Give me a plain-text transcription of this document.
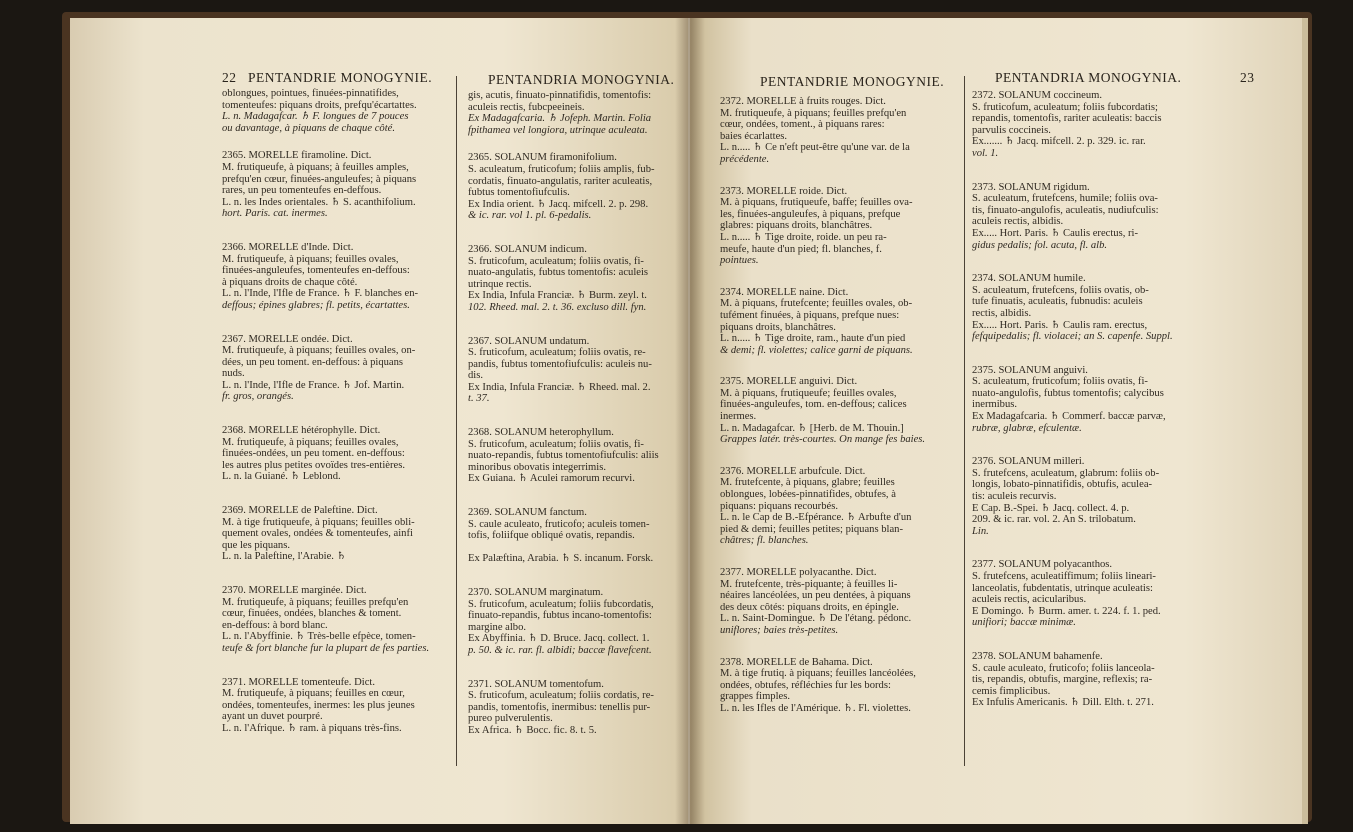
22 PENTANDRIE MONOGYNIE.	PENTANDRIA MONOGYNIA.	PENTANDRIE MONOGYNIE.	PENTANDRIA MONOGYNIA.	23

oblongues, pointues, finuées-pinnatifides,

tomenteufes: piquans droits, prefqu'écartattes.

L. n. Madagafcar. ♄ F. longues de 7 pouces

ou davantage, à piquans de chaque côté.

2365. MORELLE firamoline. Dict.

M. frutiqueufe, à piquans; à feuilles amples,

prefqu'en cœur, finuées-anguleufes; à piquans

rares, un peu tomenteufes en-deffous.

L. n. les Indes orientales. ♄ S. acanthifolium.

hort. Paris. cat. inermes.

2366. MORELLE d'Inde. Dict.

M. frutiqueufe, à piquans; feuilles ovales,

finuées-anguleufes, tomenteufes en-deffous:

à piquans droits de chaque côté.

L. n. l'Inde, l'Ifle de France. ♄ F. blanches en-

deffous; épines glabres; fl. petits, écartattes.

2367. MORELLE ondée. Dict.

M. frutiqueufe, à piquans; feuilles ovales, on-

dées, un peu toment. en-deffous: à piquans

nuds.

L. n. l'Inde, l'Ifle de France. ♄ Jof. Martin.

fr. gros, orangés.

2368. MORELLE hétérophylle. Dict.

M. frutiqueufe, à piquans; feuilles ovales,

finuées-ondées, un peu toment. en-deffous:

les autres plus petites ovoïdes tres-entières.

L. n. la Guiané. ♄ Leblond.

2369. MORELLE de Paleftine. Dict.

M. à tige frutiqueufe, à piquans; feuilles obli-

quement ovales, ondées & tomenteufes, ainfi

que les piquans.

L. n. la Paleftine, l'Arabie. ♄

2370. MORELLE marginée. Dict.

M. frutiqueufe, à piquans; feuilles prefqu'en

cœur, finuées, ondées, blanches & toment.

en-deffous: à bord blanc.

L. n. l'Abyffinie. ♄ Très-belle efpèce, tomen-

teufe & fort blanche fur la plupart de fes parties.

2371. MORELLE tomenteufe. Dict.

M. frutiqueufe, à piquans; feuilles en cœur,

ondées, tomenteufes, inermes: les plus jeunes

ayant un duvet pourpré.

L. n. l'Afrique. ♄ ram. à piquans très-fins.

gis, acutis, finuato-pinnatifidis, tomentofis:

aculeis rectis, fubcpeeineis.

Ex Madagafcaria. ♄ Jofeph. Martin. Folia

fpithamea vel longiora, utrinque aculeata.

2365. SOLANUM firamonifolium.

S. aculeatum, fruticofum; foliis amplis, fub-

cordatis, finuato-angulatis, rariter aculeatis,

fubtus tomentofiufculis.

Ex India orient. ♄ Jacq. mifcell. 2. p. 298.

& ic. rar. vol 1. pl. 6-pedalis.

2366. SOLANUM indicum.

S. fruticofum, aculeatum; foliis ovatis, fi-

nuato-angulatis, fubtus tomentofis: aculeis

utrinque rectis.

Ex India, Infula Franciæ. ♄ Burm. zeyl. t.

102. Rheed. mal. 2. t. 36. excluso dill. fyn.

2367. SOLANUM undatum.

S. fruticofum, aculeatum; foliis ovatis, re-

pandis, fubtus tomentofiufculis: aculeis nu-

dis.

Ex India, Infula Franciæ. ♄ Rheed. mal. 2.

t. 37.

2368. SOLANUM heterophyllum.

S. fruticofum, aculeatum; foliis ovatis, fi-

nuato-repandis, fubtus tomentofiufculis: aliis

minoribus obovatis integerrimis.

Ex Guiana. ♄ Aculei ramorum recurvi.

2369. SOLANUM fanctum.

S. caule aculeato, fruticofo; aculeis tomen-

tofis, foliifque obliqué ovatis, repandis.

Ex Palæftina, Arabia. ♄ S. incanum. Forsk.

2370. SOLANUM marginatum.

S. fruticofum, aculeatum; foliis fubcordatis,

finuato-repandis, fubtus incano-tomentofis:

margine albo.

Ex Abyffinia. ♄ D. Bruce. Jacq. collect. 1.

p. 50. & ic. rar. fl. albidi; baccæ flavefcent.

2371. SOLANUM tomentofum.

S. fruticofum, aculeatum; foliis cordatis, re-

pandis, tomentofis, inermibus: tenellis pur-

pureo pulverulentis.

Ex Africa. ♄ Bocc. fic. 8. t. 5.

2372. MORELLE à fruits rouges. Dict.

M. frutiqueufe, à piquans; feuilles prefqu'en

cœur, ondées, toment., à piquans rares:

baies écarlattes.

L. n..... ♄ Ce n'eft peut-être qu'une var. de la

précédente.

2373. MORELLE roide. Dict.

M. à piquans, frutiqueufe, baffe; feuilles ova-

les, finuées-anguleufes, à piquans, prefque

glabres: piquans droits, blanchâtres.

L. n..... ♄ Tige droite, roide. un peu ra-

meufe, haute d'un pied; fl. blanches, f.

pointues.

2374. MORELLE naine. Dict.

M. à piquans, frutefcente; feuilles ovales, ob-

tufément finuées, à piquans, prefque nues:

piquans droits, blanchâtres.

L. n..... ♄ Tige droite, ram., haute d'un pied

& demi; fl. violettes; calice garni de piquans.

2375. MORELLE anguivi. Dict.

M. à piquans, frutiqueufe; feuilles ovales,

finuées-anguleufes, tom. en-deffous; calices

inermes.

L. n. Madagafcar. ♄ [Herb. de M. Thouin.]

Grappes latér. très-courtes. On mange fes baies.

2376. MORELLE arbufcule. Dict.

M. frutefcente, à piquans, glabre; feuilles

oblongues, lobées-pinnatifides, obtufes, à

piquans: piquans recourbés.

L. n. le Cap de B.-Efpérance. ♄ Arbufte d'un

pied & demi; feuilles petites; piquans blan-

châtres; fl. blanches.

2377. MORELLE polyacanthe. Dict.

M. frutefcente, très-piquante; à feuilles li-

néaires lancéolées, un peu dentées, à piquans

des deux côtés: piquans droits, en épingle.

L. n. Saint-Domingue. ♄ De l'étang. pédonc.

uniflores; baies très-petites.

2378. MORELLE de Bahama. Dict.

M. à tige frutiq. à piquans; feuilles lancéolées,

ondées, obtufes, réfléchies fur les bords:

grappes fimples.

L. n. les Ifles de l'Amérique. ♄. Fl. violettes.

2372. SOLANUM coccineum.

S. fruticofum, aculeatum; foliis fubcordatis;

repandis, tomentofis, rariter aculeatis: baccis

parvulis coccineis.

Ex....... ♄ Jacq. mifcell. 2. p. 329. ic. rar.

vol. 1.

2373. SOLANUM rigidum.

S. aculeatum, frutefcens, humile; foliis ova-

tis, finuato-angulofis, aculeatis, nudiufculis:

aculeis rectis, albidis.

Ex..... Hort. Paris. ♄ Caulis erectus, ri-

gidus pedalis; fol. acuta, fl. alb.

2374. SOLANUM humile.

S. aculeatum, frutefcens, foliis ovatis, ob-

tufe finuatis, aculeatis, fubnudis: aculeis

rectis, albidis.

Ex..... Hort. Paris. ♄ Caulis ram. erectus,

fefquipedalis; fl. violacei; an S. capenfe. Suppl.

2375. SOLANUM anguivi.

S. aculeatum, fruticofum; foliis ovatis, fi-

nuato-angulofis, fubtus tomentofis; calycibus

inermibus.

Ex Madagafcaria. ♄ Commerf. baccæ parvæ,

rubræ, glabræ, efculentæ.

2376. SOLANUM milleri.

S. frutefcens, aculeatum, glabrum: foliis ob-

longis, lobato-pinnatifidis, obtufis, aculea-

tis: aculeis recurvis.

E Cap. B.-Spei. ♄ Jacq. collect. 4. p.

209. & ic. rar. vol. 2. An S. trilobatum.

Lin.

2377. SOLANUM polyacanthos.

S. frutefcens, aculeatiffimum; foliis lineari-

lanceolatis, fubdentatis, utrinque aculeatis:

aculeis rectis, acicularibus.

E Domingo. ♄ Burm. amer. t. 224. f. 1. ped.

unifiori; baccæ minimæ.

2378. SOLANUM bahamenfe.

S. caule aculeato, fruticofo; foliis lanceola-

tis, repandis, obtufis, margine, reflexis; ra-

cemis fimplicibus.

Ex Infulis Americanis. ♄ Dill. Elth. t. 271.
